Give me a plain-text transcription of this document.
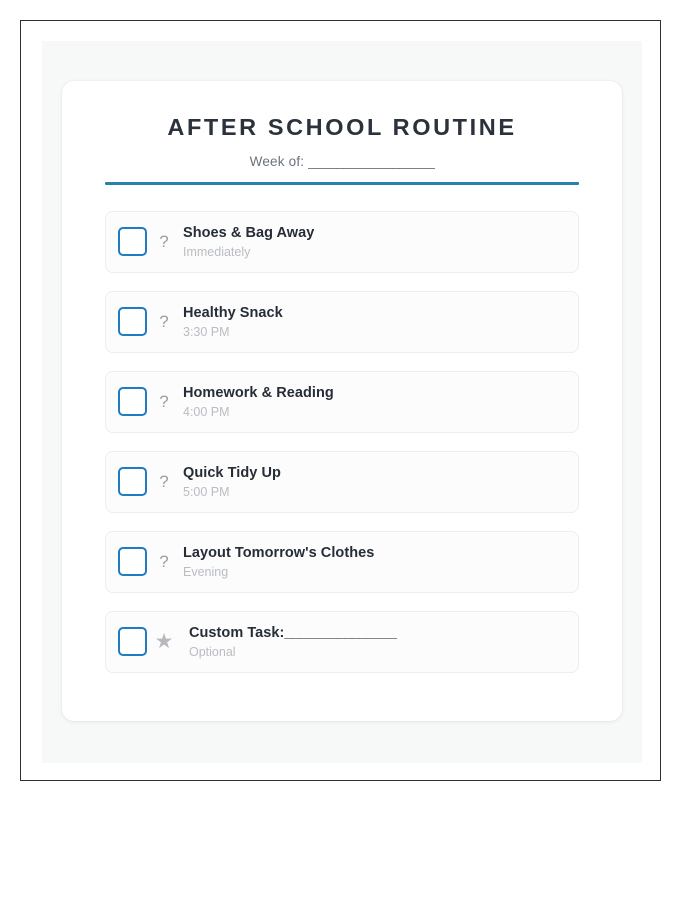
AFTER SCHOOL ROUTINE
Week of: __________________
? Shoes & Bag Away
Immediately
? Healthy Snack
3:30 PM
? Homework & Reading
4:00 PM
? Quick Tidy Up
5:00 PM
? Layout Tomorrow's Clothes
Evening
★	Custom Task:_______________
Optional
